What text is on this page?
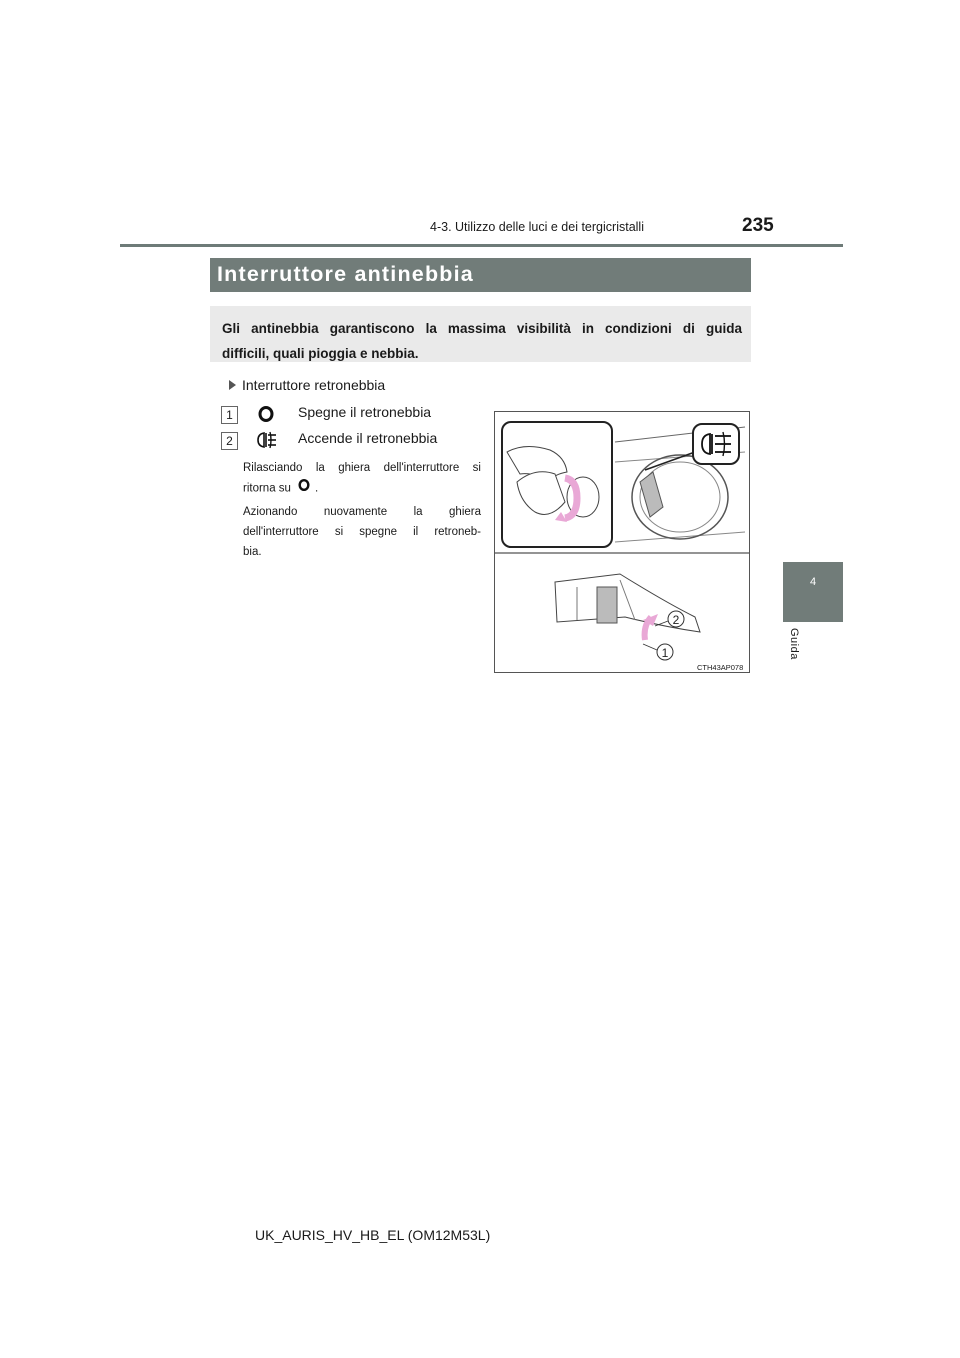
4-3. Utilizzo delle luci e dei tergicristalli	235
4
Guida
Interruttore antinebbia
Gli antinebbia garantiscono la massima visibilità in condizioni di guida
difficili, quali pioggia e nebbia.
Interruttore retronebbia
1	Spegne il retronebbia
2	Accende il retronebbia
Rilasciando la ghiera dell'interruttore si
ritorna su .
Azionando nuovamente la ghiera
dell'interruttore si spegne il retroneb-
bia.
2
1
CTH43AP078
UK_AURIS_HV_HB_EL (OM12M53L)
